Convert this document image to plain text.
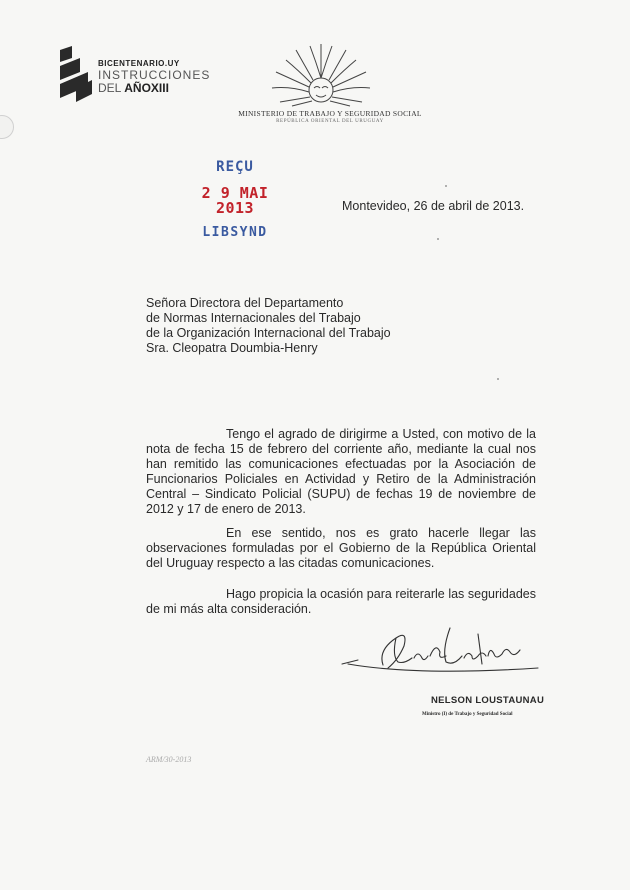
BICENTENARIO.UY
INSTRUCCIONES
DEL AÑOXIII
MINISTERIO DE TRABAJO Y SEGURIDAD SOCIAL
REPÚBLICA ORIENTAL DEL URUGUAY
REÇU
2 9 MAI 2013
LIBSYND
Montevideo, 26 de abril de 2013.
Señora Directora del Departamento
de Normas Internacionales del Trabajo
de la Organización Internacional del Trabajo
Sra. Cleopatra Doumbia-Henry

Tengo el agrado de dirigirme a Usted, con motivo de la nota de fecha 15 de febrero del corriente año, mediante la cual nos han remitido las comunicaciones efectuadas por la Asociación de Funcionarios Policiales en Actividad y Retiro de la Administración Central – Sindicato Policial (SUPU) de fechas 19 de noviembre de 2012 y 17 de enero de 2013.

En ese sentido, nos es grato hacerle llegar las observaciones formuladas por el Gobierno de la República Oriental del Uruguay respecto a las citadas comunicaciones.

Hago propicia la ocasión para reiterarle las seguridades de mi más alta consideración.

NELSON LOUSTAUNAU
Ministro (I) de Trabajo y Seguridad Social
ARM/30-2013
